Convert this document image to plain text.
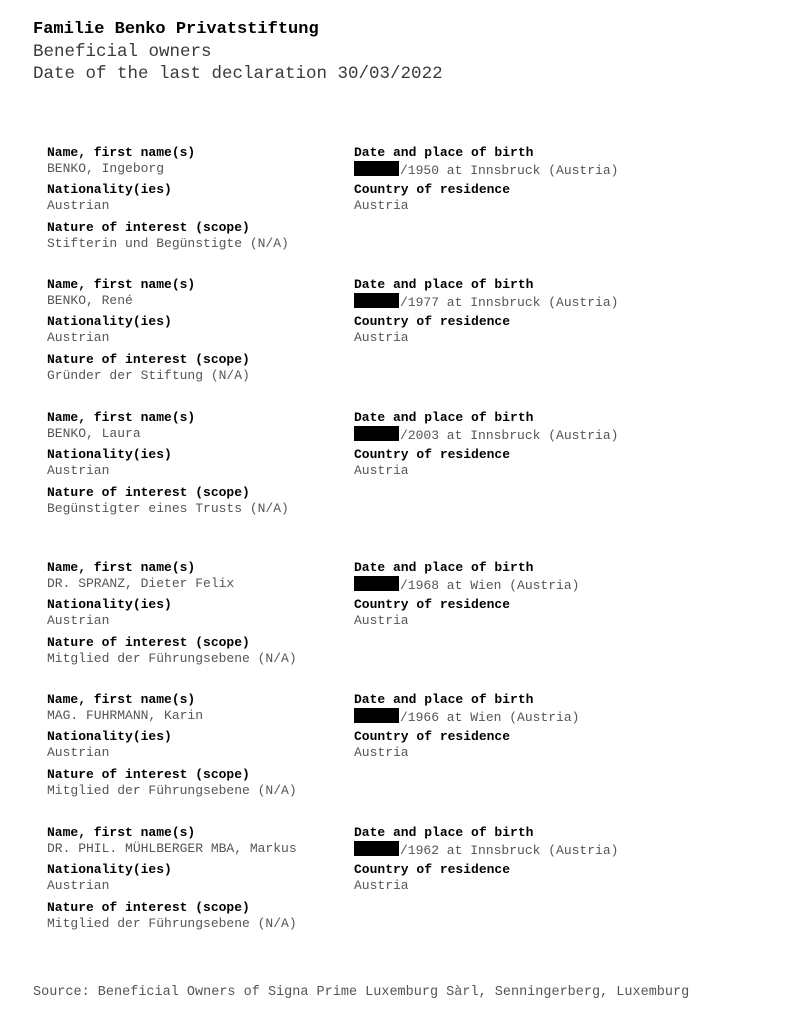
Familie Benko Privatstiftung
Beneficial owners
Date of the last declaration 30/03/2022
Name, first name(s)
BENKO, Ingeborg
Nationality(ies)
Austrian
Nature of interest (scope)
Stifterin und Begünstigte (N/A)
Date and place of birth
/1950 at Innsbruck (Austria)
Country of residence
Austria
Name, first name(s)
BENKO, René
Nationality(ies)
Austrian
Nature of interest (scope)
Gründer der Stiftung (N/A)
Date and place of birth
/1977 at Innsbruck (Austria)
Country of residence
Austria
Name, first name(s)
BENKO, Laura
Nationality(ies)
Austrian
Nature of interest (scope)
Begünstigter eines Trusts (N/A)
Date and place of birth
/2003 at Innsbruck (Austria)
Country of residence
Austria
Name, first name(s)
DR. SPRANZ, Dieter Felix
Nationality(ies)
Austrian
Nature of interest (scope)
Mitglied der Führungsebene (N/A)
Date and place of birth
/1968 at Wien (Austria)
Country of residence
Austria
Name, first name(s)
MAG. FUHRMANN, Karin
Nationality(ies)
Austrian
Nature of interest (scope)
Mitglied der Führungsebene (N/A)
Date and place of birth
/1966 at Wien (Austria)
Country of residence
Austria
Name, first name(s)
DR. PHIL. MÜHLBERGER MBA, Markus
Nationality(ies)
Austrian
Nature of interest (scope)
Mitglied der Führungsebene (N/A)
Date and place of birth
/1962 at Innsbruck (Austria)
Country of residence
Austria
Source: Beneficial Owners of Signa Prime Luxemburg Sàrl, Senningerberg, Luxemburg
